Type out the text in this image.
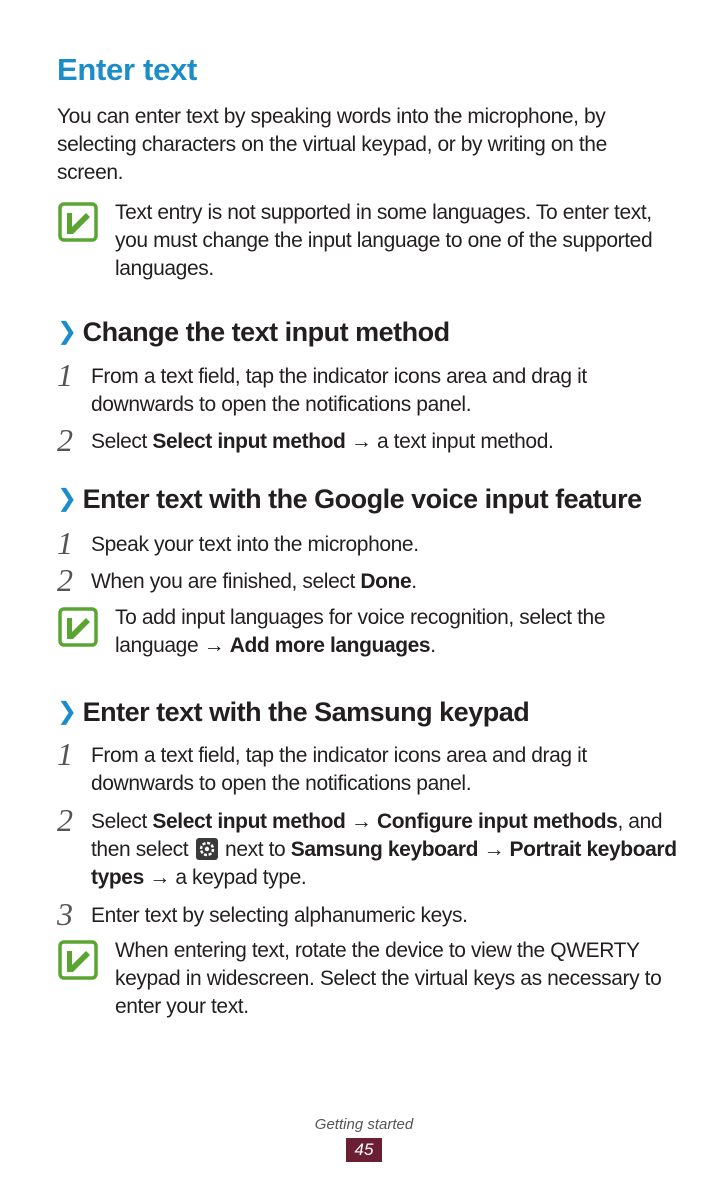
Enter text

You can enter text by speaking words into the microphone, by selecting characters on the virtual keypad, or by writing on the screen.

Text entry is not supported in some languages. To enter text, you must change the input language to one of the supported languages.

❯ Change the text input method
1 From a text field, tap the indicator icons area and drag it downwards to open the notifications panel.

2 Select Select input method → a text input method.

❯ Enter text with the Google voice input feature
1 Speak your text into the microphone.

2 When you are finished, select Done.

To add input languages for voice recognition, select the language → Add more languages.

❯ Enter text with the Samsung keypad
1 From a text field, tap the indicator icons area and drag it downwards to open the notifications panel.

2 Select Select input method → Configure input methods, and then select  next to Samsung keyboard → Portrait keyboard types → a keypad type.

3 Enter text by selecting alphanumeric keys.

When entering text, rotate the device to view the QWERTY keypad in widescreen. Select the virtual keys as necessary to enter your text.

Getting started

45
